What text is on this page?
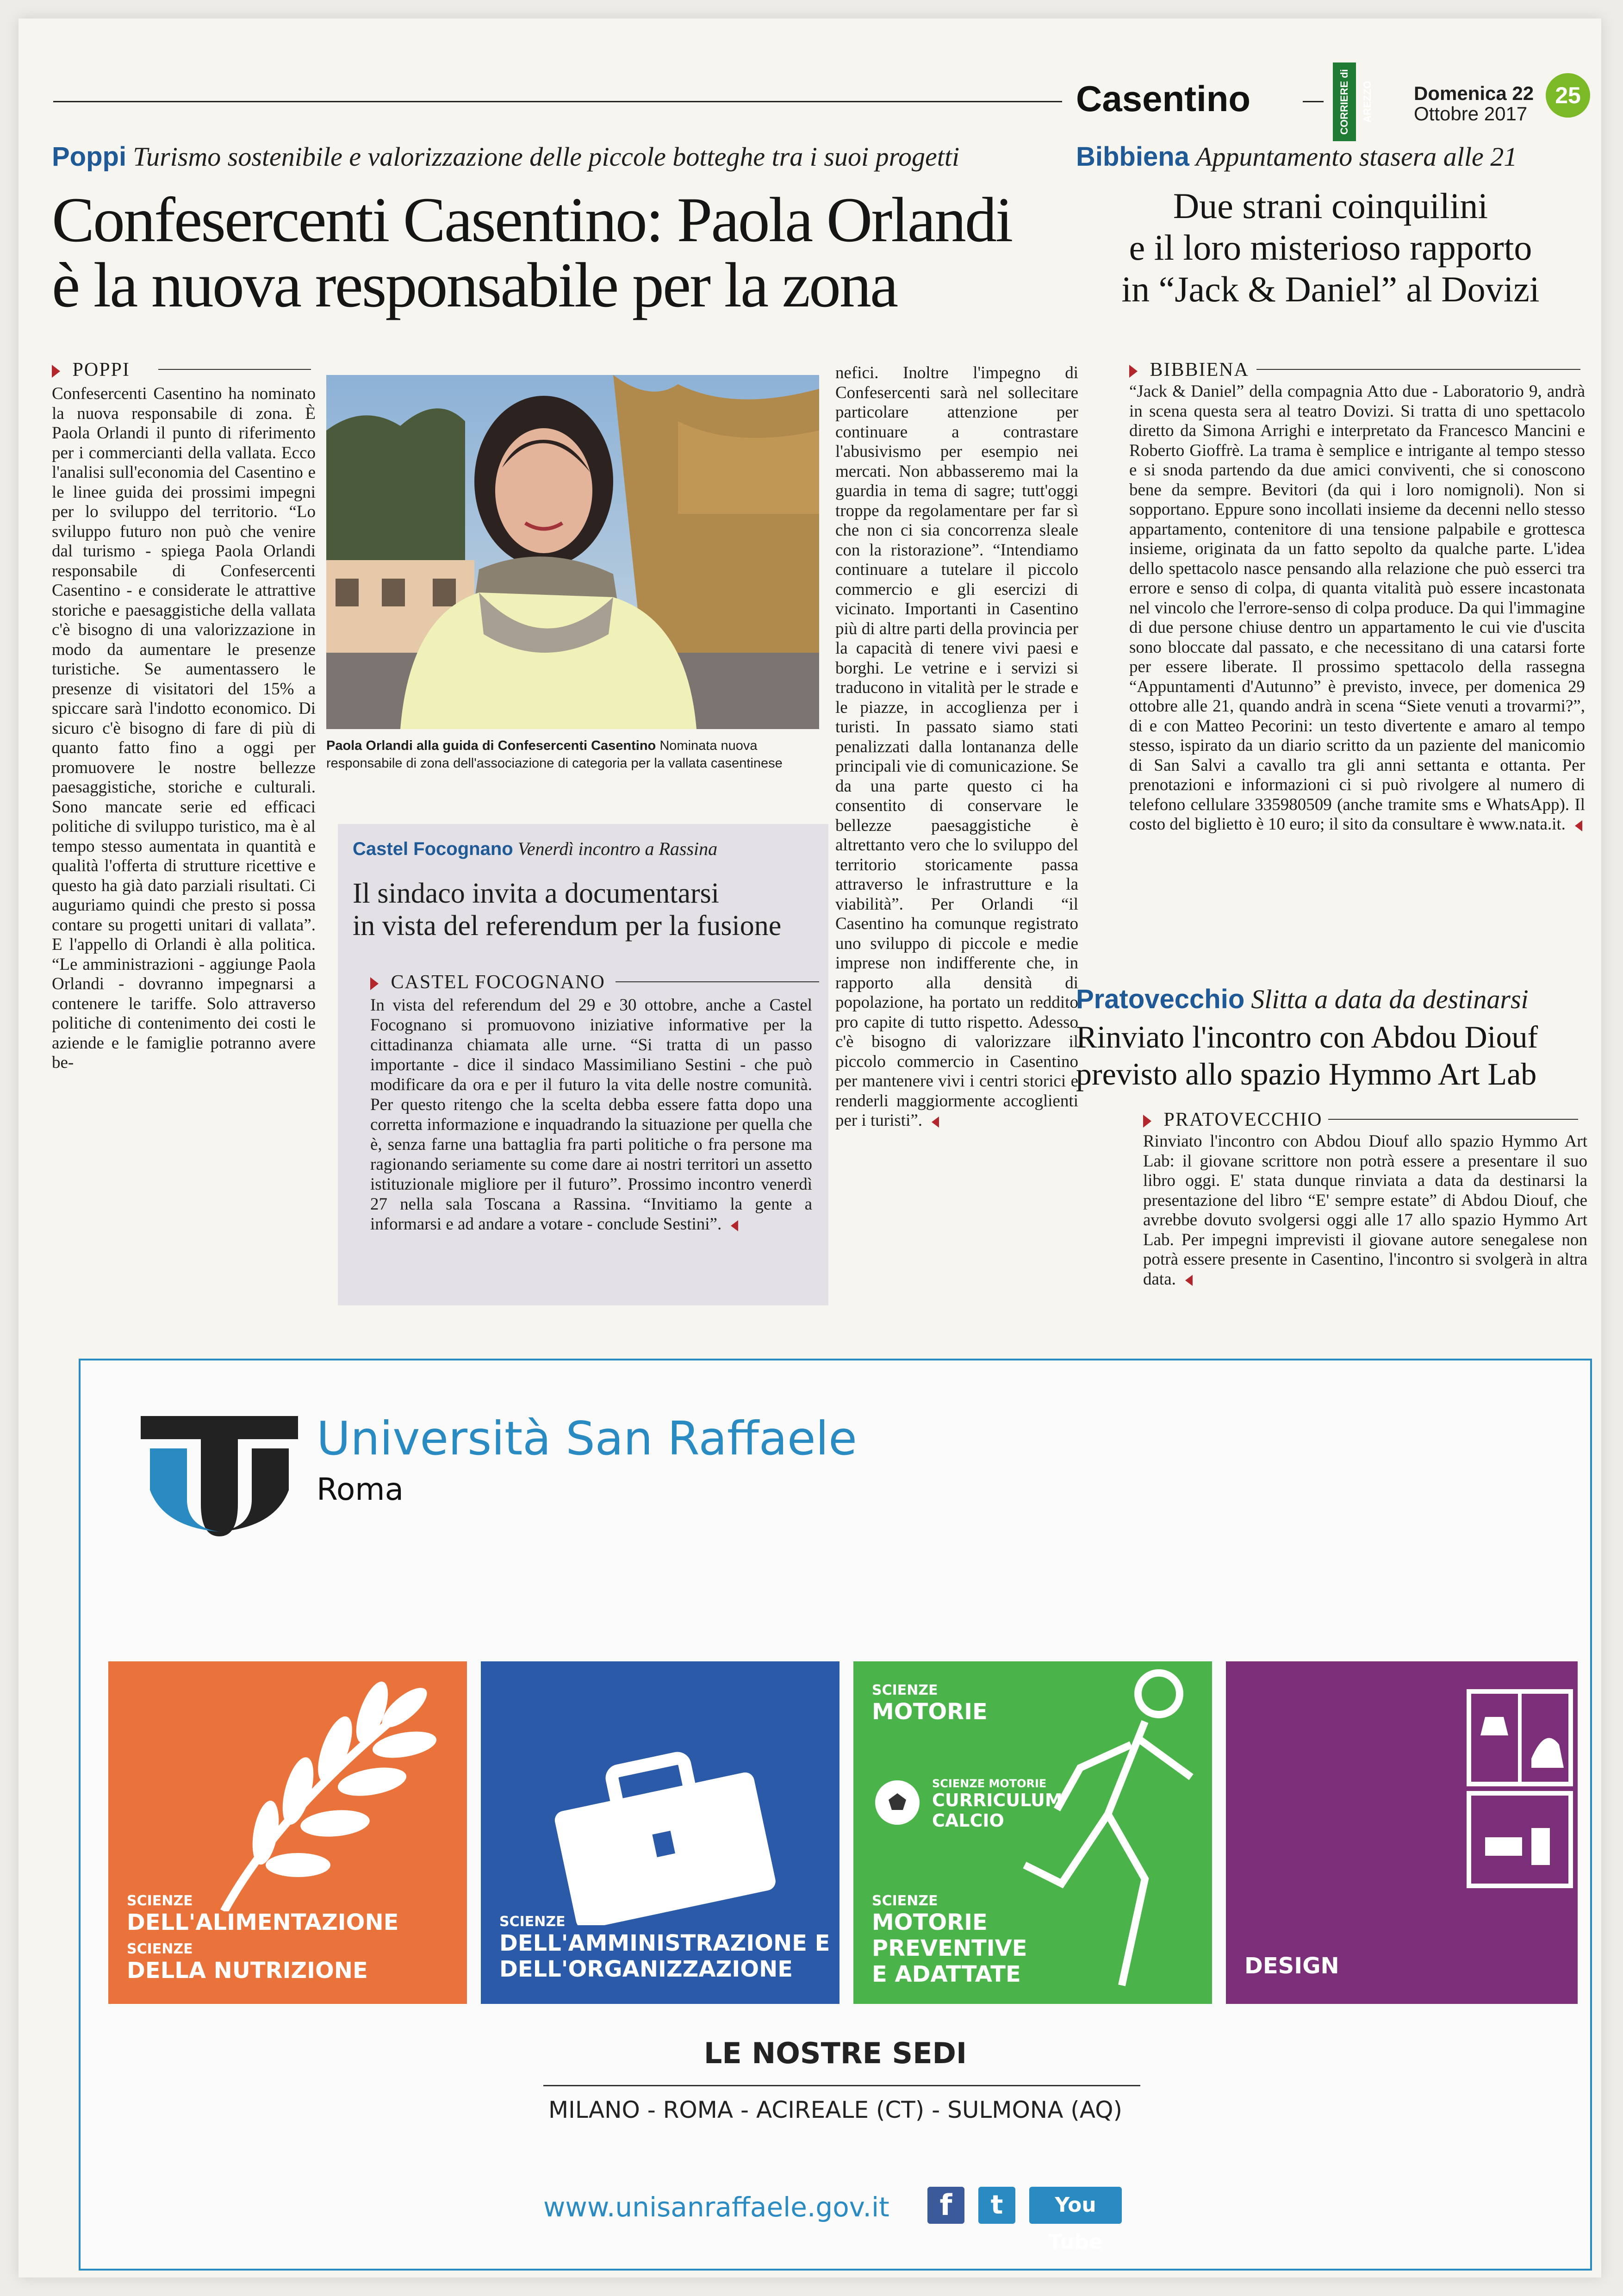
Casentino	CORRIERE di AREZZO Domenica 22
Ottobre 2017
25
Poppi Turismo sostenibile e valorizzazione delle piccole botteghe tra i suoi progetti
Confesercenti Casentino: Paola Orlandi
è la nuova responsabile per la zona
POPPI
Confesercenti Casentino ha nominato la nuova responsabile di zona. È Paola Orlandi il punto di riferimento per i commercianti della vallata. Ecco l'analisi sull'economia del Casentino e le linee guida dei prossimi impegni per lo sviluppo del territorio. “Lo sviluppo futuro non può che venire dal turismo - spiega Paola Orlandi responsabile di Confesercenti Casentino - e considerate le attrattive storiche e paesaggistiche della vallata c'è bisogno di una valorizzazione in modo da aumentare le presenze turistiche. Se aumentassero le presenze di visitatori del 15% a spiccare sarà l'indotto economico. Di sicuro c'è bisogno di fare di più di quanto fatto fino a oggi per promuovere le nostre bellezze paesaggistiche, storiche e culturali. Sono mancate serie ed efficaci politiche di sviluppo turistico, ma è al tempo stesso aumentata in quantità e qualità l'offerta di strutture ricettive e questo ha già dato parziali risultati. Ci auguriamo quindi che presto si possa contare su progetti unitari di vallata”. E l'appello di Orlandi è alla politica. “Le amministrazioni - aggiunge Paola Orlandi - dovranno impegnarsi a contenere le tariffe. Solo attraverso politiche di contenimento dei costi le aziende e le famiglie potranno avere be-
Paola Orlandi alla guida di Confesercenti Casentino Nominata nuova responsabile di zona dell'associazione di categoria per la vallata casentinese
nefici. Inoltre l'impegno di Confesercenti sarà nel sollecitare particolare attenzione per continuare a contrastare l'abusivismo per esempio nei mercati. Non abbasseremo mai la guardia in tema di sagre; tutt'oggi troppe da regolamentare per far sì che non ci sia concorrenza sleale con la ristorazione”. “Intendiamo continuare a tutelare il piccolo commercio e gli esercizi di vicinato. Importanti in Casentino più di altre parti della provincia per la capacità di tenere vivi paesi e borghi. Le vetrine e i servizi si traducono in vitalità per le strade e le piazze, in accoglienza per i turisti. In passato siamo stati penalizzati dalla lontananza delle principali vie di comunicazione. Se da una parte questo ci ha consentito di conservare le bellezze paesaggistiche è altrettanto vero che lo sviluppo del territorio storicamente passa attraverso le infrastrutture e la viabilità”. Per Orlandi “il Casentino ha comunque registrato uno sviluppo di piccole e medie imprese non indifferente che, in rapporto alla densità di popolazione, ha portato un reddito pro capite di tutto rispetto. Adesso c'è bisogno di valorizzare il piccolo commercio in Casentino per mantenere vivi i centri storici e renderli maggiormente accoglienti per i turisti”.
Castel Focognano Venerdì incontro a Rassina
Il sindaco invita a documentarsi
in vista del referendum per la fusione
CASTEL FOCOGNANO
In vista del referendum del 29 e 30 ottobre, anche a Castel Focognano si promuovono iniziative informative per la cittadinanza chiamata alle urne. “Si tratta di un passo importante - dice il sindaco Massimiliano Sestini - che può modificare da ora e per il futuro la vita delle nostre comunità. Per questo ritengo che la scelta debba essere fatta dopo una corretta informazione e inquadrando la situazione per quella che è, senza farne una battaglia fra parti politiche o fra persone ma ragionando seriamente su come dare ai nostri territori un assetto istituzionale migliore per il futuro”. Prossimo incontro venerdì 27 nella sala Toscana a Rassina. “Invitiamo la gente a informarsi e ad andare a votare - conclude Sestini”.
Bibbiena Appuntamento stasera alle 21
Due strani coinquilini
e il loro misterioso rapporto
in “Jack & Daniel” al Dovizi
BIBBIENA
“Jack & Daniel” della compagnia Atto due - Laboratorio 9, andrà in scena questa sera al teatro Dovizi. Si tratta di uno spettacolo diretto da Simona Arrighi e interpretato da Francesco Mancini e Roberto Gioffrè. La trama è semplice e intrigante al tempo stesso e si snoda partendo da due amici conviventi, che si conoscono bene da sempre. Bevitori (da qui i loro nomignoli). Non si sopportano. Eppure sono incollati insieme da decenni nello stesso appartamento, contenitore di una tensione palpabile e grottesca insieme, originata da un fatto sepolto da qualche parte. L'idea dello spettacolo nasce pensando alla relazione che può esserci tra errore e senso di colpa, di quanta vitalità può essere incastonata nel vincolo che l'errore-senso di colpa produce. Da qui l'immagine di due persone chiuse dentro un appartamento le cui vie d'uscita sono bloccate dal passato, e che necessitano di una catarsi forte per essere liberate. Il prossimo spettacolo della rassegna “Appuntamenti d'Autunno” è previsto, invece, per domenica 29 ottobre alle 21, quando andrà in scena “Siete venuti a trovarmi?”, di e con Matteo Pecorini: un testo divertente e amaro al tempo stesso, ispirato da un diario scritto da un paziente del manicomio di San Salvi a cavallo tra gli anni settanta e ottanta. Per prenotazioni e informazioni ci si può rivolgere al numero di telefono cellulare 335980509 (anche tramite sms e WhatsApp). Il costo del biglietto è 10 euro; il sito da consultare è www.nata.it.
Pratovecchio Slitta a data da destinarsi
Rinviato l'incontro con Abdou Diouf
previsto allo spazio Hymmo Art Lab
PRATOVECCHIO
Rinviato l'incontro con Abdou Diouf allo spazio Hymmo Art Lab: il giovane scrittore non potrà essere a presentare il suo libro oggi. E' stata dunque rinviata a data da destinarsi la presentazione del libro “E' sempre estate” di Abdou Diouf, che avrebbe dovuto svolgersi oggi alle 17 allo spazio Hymmo Art Lab. Per impegni imprevisti il giovane autore senegalese non potrà essere presente in Casentino, l'incontro si svolgerà in altra data.
Università San Raffaele
Roma
SCIENZE
DELL'ALIMENTAZIONE
SCIENZE
DELLA NUTRIZIONE
SCIENZE
DELL'AMMINISTRAZIONE E DELL'ORGANIZZAZIONE
SCIENZE
MOTORIE
SCIENZE MOTORIE
CURRICULUM CALCIO
SCIENZE
MOTORIE PREVENTIVE E ADATTATE	DESIGN
LE NOSTRE SEDI
MILANO - ROMA - ACIREALE (CT) - SULMONA (AQ)
www.unisanraffaele.gov.it	f	t	You Tube
